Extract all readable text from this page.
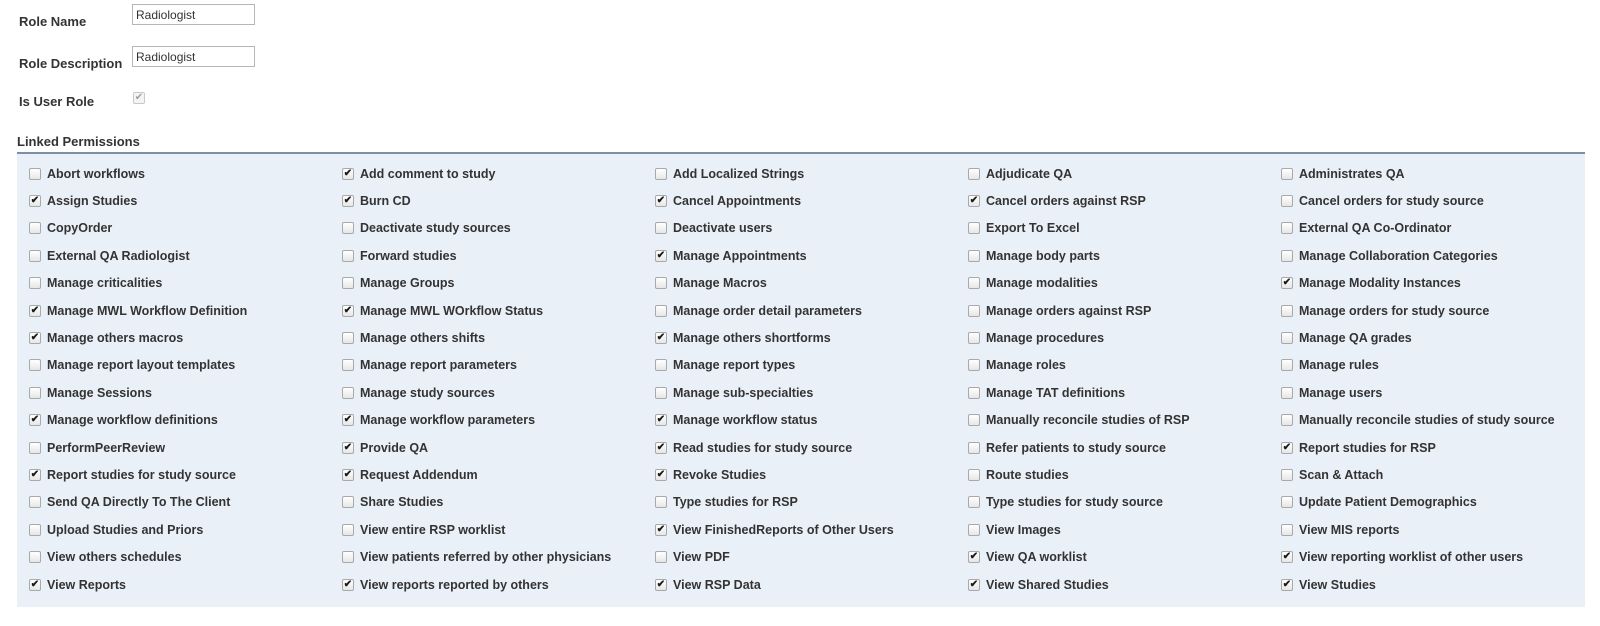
Role Name
Radiologist
Role Description
Radiologist
Is User Role	✔
Linked Permissions
Abort workflows	✔ Add comment to study	Add Localized Strings	Adjudicate QA	Administrates QA
✔ Assign Studies	✔ Burn CD	✔ Cancel Appointments	✔ Cancel orders against RSP	Cancel orders for study source
CopyOrder	Deactivate study sources	Deactivate users	Export To Excel	External QA Co-Ordinator
External QA Radiologist	Forward studies	✔ Manage Appointments	Manage body parts	Manage Collaboration Categories
Manage criticalities	Manage Groups	Manage Macros	Manage modalities	✔ Manage Modality Instances
✔ Manage MWL Workflow Definition	✔ Manage MWL WOrkflow Status	Manage order detail parameters	Manage orders against RSP	Manage orders for study source
✔ Manage others macros	Manage others shifts	✔ Manage others shortforms	Manage procedures	Manage QA grades
Manage report layout templates	Manage report parameters	Manage report types	Manage roles	Manage rules
Manage Sessions	Manage study sources	Manage sub-specialties	Manage TAT definitions	Manage users
✔ Manage workflow definitions	✔ Manage workflow parameters	✔ Manage workflow status	Manually reconcile studies of RSP	Manually reconcile studies of study source
PerformPeerReview	✔ Provide QA	✔ Read studies for study source	Refer patients to study source	✔ Report studies for RSP
✔ Report studies for study source	✔ Request Addendum	✔ Revoke Studies	Route studies	Scan & Attach
Send QA Directly To The Client	Share Studies	Type studies for RSP	Type studies for study source	Update Patient Demographics
Upload Studies and Priors	View entire RSP worklist	✔ View FinishedReports of Other Users	View Images	View MIS reports
View others schedules	View patients referred by other physicians	View PDF	✔ View QA worklist	✔ View reporting worklist of other users
✔ View Reports	✔ View reports reported by others	✔ View RSP Data	✔ View Shared Studies	✔ View Studies
